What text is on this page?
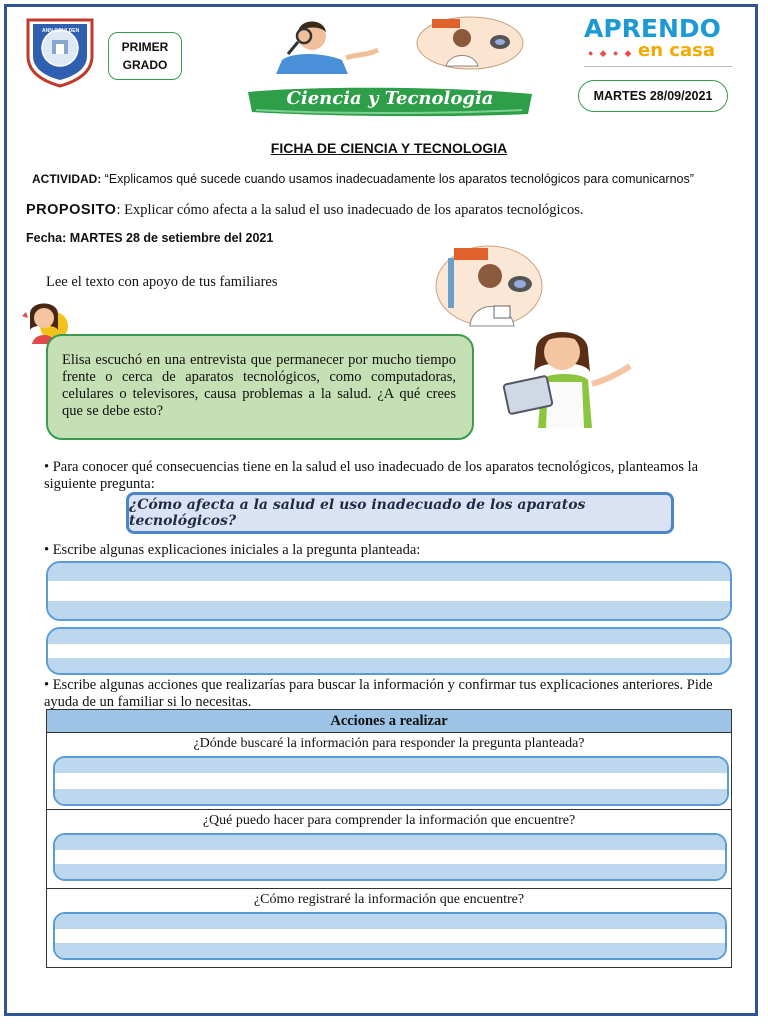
ANN GOULDEN
PRIMER
GRADO
Ciencia y Tecnologia
APRENDO
● ◆ ● ◆ en casa
MARTES 28/09/2021
FICHA DE CIENCIA Y TECNOLOGIA
ACTIVIDAD: “Explicamos qué sucede cuando usamos inadecuadamente los aparatos tecnológicos para comunicarnos”
PROPOSITO: Explicar cómo afecta a la salud el uso inadecuado de los aparatos tecnológicos.
Fecha: MARTES 28 de setiembre del 2021
Lee el texto con apoyo de tus familiares
Elisa escuchó en una entrevista que permanecer por mucho tiempo frente o cerca de aparatos tecnológicos, como computadoras, celulares o televisores, causa problemas a la salud. ¿A qué crees que se debe esto?
• Para conocer qué consecuencias tiene en la salud el uso inadecuado de los aparatos tecnológicos, planteamos la siguiente pregunta:
¿Cómo afecta a la salud el uso inadecuado de los aparatos tecnológicos?
• Escribe algunas explicaciones iniciales a la pregunta planteada:
• Escribe algunas acciones que realizarías para buscar la información y confirmar tus explicaciones anteriores. Pide ayuda de un familiar si lo necesitas.
Acciones a realizar

¿Dónde buscaré la información para responder la pregunta planteada?

¿Qué puedo hacer para comprender la información que encuentre?

¿Cómo registraré la información que encuentre?
